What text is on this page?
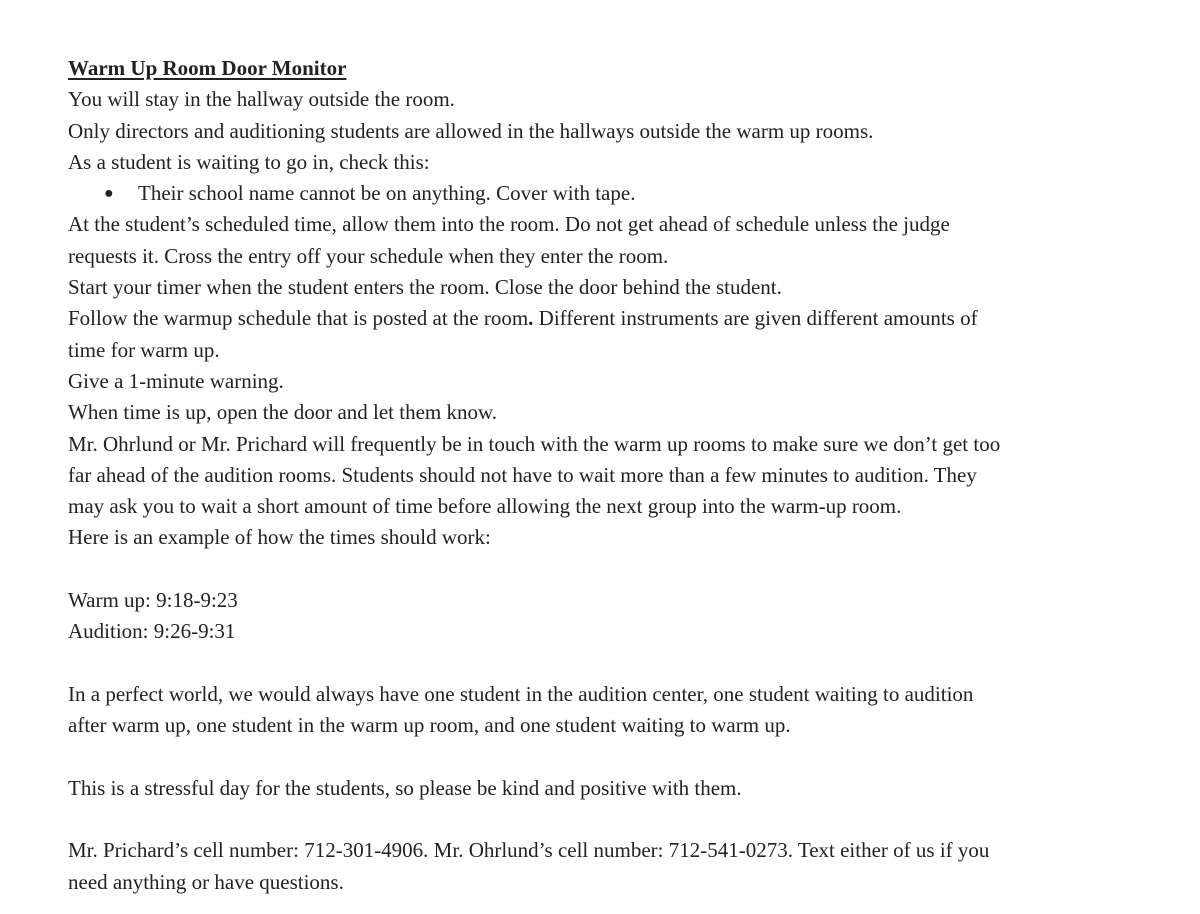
Warm Up Room Door Monitor
You will stay in the hallway outside the room.
Only directors and auditioning students are allowed in the hallways outside the warm up rooms.
As a student is waiting to go in, check this:
● Their school name cannot be on anything. Cover with tape.
At the student’s scheduled time, allow them into the room. Do not get ahead of schedule unless the judge
requests it. Cross the entry off your schedule when they enter the room.
Start your timer when the student enters the room. Close the door behind the student.
Follow the warmup schedule that is posted at the room. Different instruments are given different amounts of
time for warm up.
Give a 1-minute warning.
When time is up, open the door and let them know.
Mr. Ohrlund or Mr. Prichard will frequently be in touch with the warm up rooms to make sure we don’t get too
far ahead of the audition rooms. Students should not have to wait more than a few minutes to audition. They
may ask you to wait a short amount of time before allowing the next group into the warm-up room.
Here is an example of how the times should work:
Warm up: 9:18-9:23
Audition: 9:26-9:31
In a perfect world, we would always have one student in the audition center, one student waiting to audition
after warm up, one student in the warm up room, and one student waiting to warm up.
This is a stressful day for the students, so please be kind and positive with them.
Mr. Prichard’s cell number: 712-301-4906. Mr. Ohrlund’s cell number: 712-541-0273. Text either of us if you
need anything or have questions.
